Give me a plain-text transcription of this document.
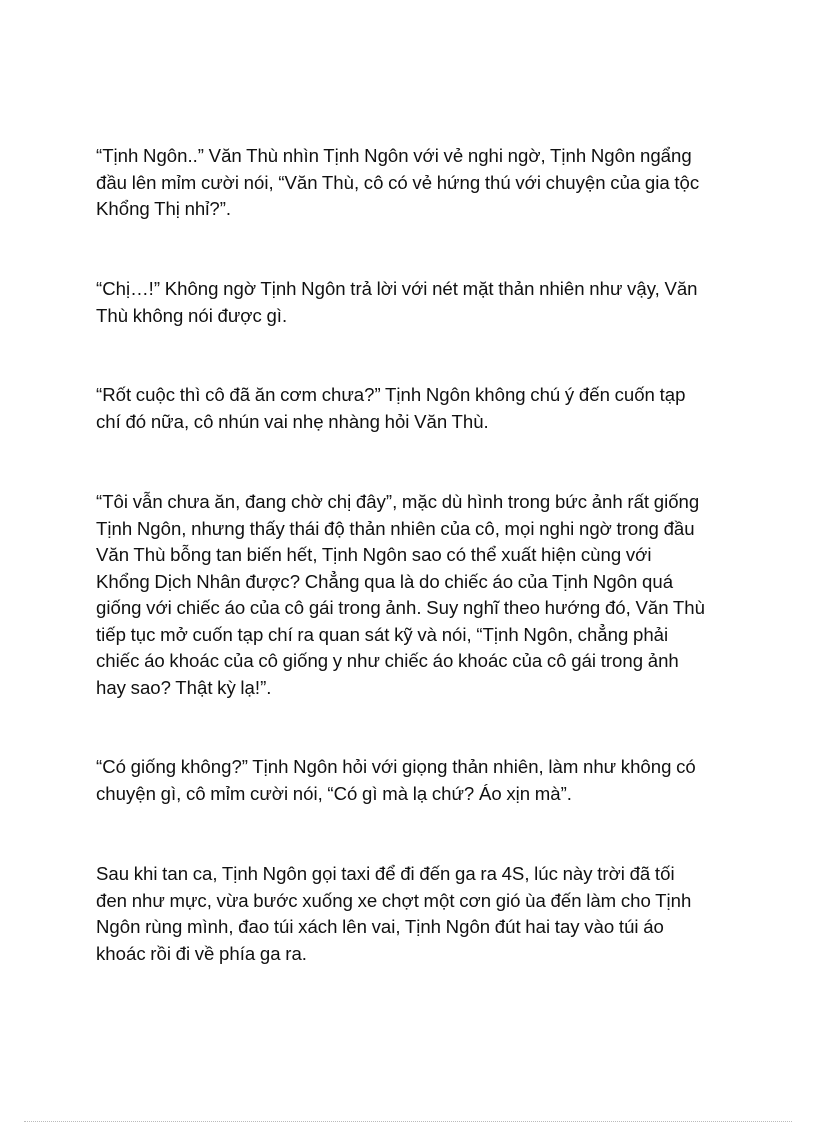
“Tịnh Ngôn..” Văn Thù nhìn Tịnh Ngôn với vẻ nghi ngờ, Tịnh Ngôn ngẩng
đầu lên mỉm cười nói, “Văn Thù, cô có vẻ hứng thú với chuyện của gia tộc
Khổng Thị nhỉ?”.

“Chị…!” Không ngờ Tịnh Ngôn trả lời với nét mặt thản nhiên như vậy, Văn
Thù không nói được gì.

“Rốt cuộc thì cô đã ăn cơm chưa?” Tịnh Ngôn không chú ý đến cuốn tạp
chí đó nữa, cô nhún vai nhẹ nhàng hỏi Văn Thù.

“Tôi vẫn chưa ăn, đang chờ chị đây”, mặc dù hình trong bức ảnh rất giống
Tịnh Ngôn, nhưng thấy thái độ thản nhiên của cô, mọi nghi ngờ trong đầu
Văn Thù bỗng tan biến hết, Tịnh Ngôn sao có thể xuất hiện cùng với
Khổng Dịch Nhân được? Chẳng qua là do chiếc áo của Tịnh Ngôn quá
giống với chiếc áo của cô gái trong ảnh. Suy nghĩ theo hướng đó, Văn Thù
tiếp tục mở cuốn tạp chí ra quan sát kỹ và nói, “Tịnh Ngôn, chẳng phải
chiếc áo khoác của cô giống y như chiếc áo khoác của cô gái trong ảnh
hay sao? Thật kỳ lạ!”.

“Có giống không?” Tịnh Ngôn hỏi với giọng thản nhiên, làm như không có
chuyện gì, cô mỉm cười nói, “Có gì mà lạ chứ? Áo xịn mà”.

Sau khi tan ca, Tịnh Ngôn gọi taxi để đi đến ga ra 4S, lúc này trời đã tối
đen như mực, vừa bước xuống xe chợt một cơn gió ùa đến làm cho Tịnh
Ngôn rùng mình, đao túi xách lên vai, Tịnh Ngôn đút hai tay vào túi áo
khoác rồi đi về phía ga ra.
